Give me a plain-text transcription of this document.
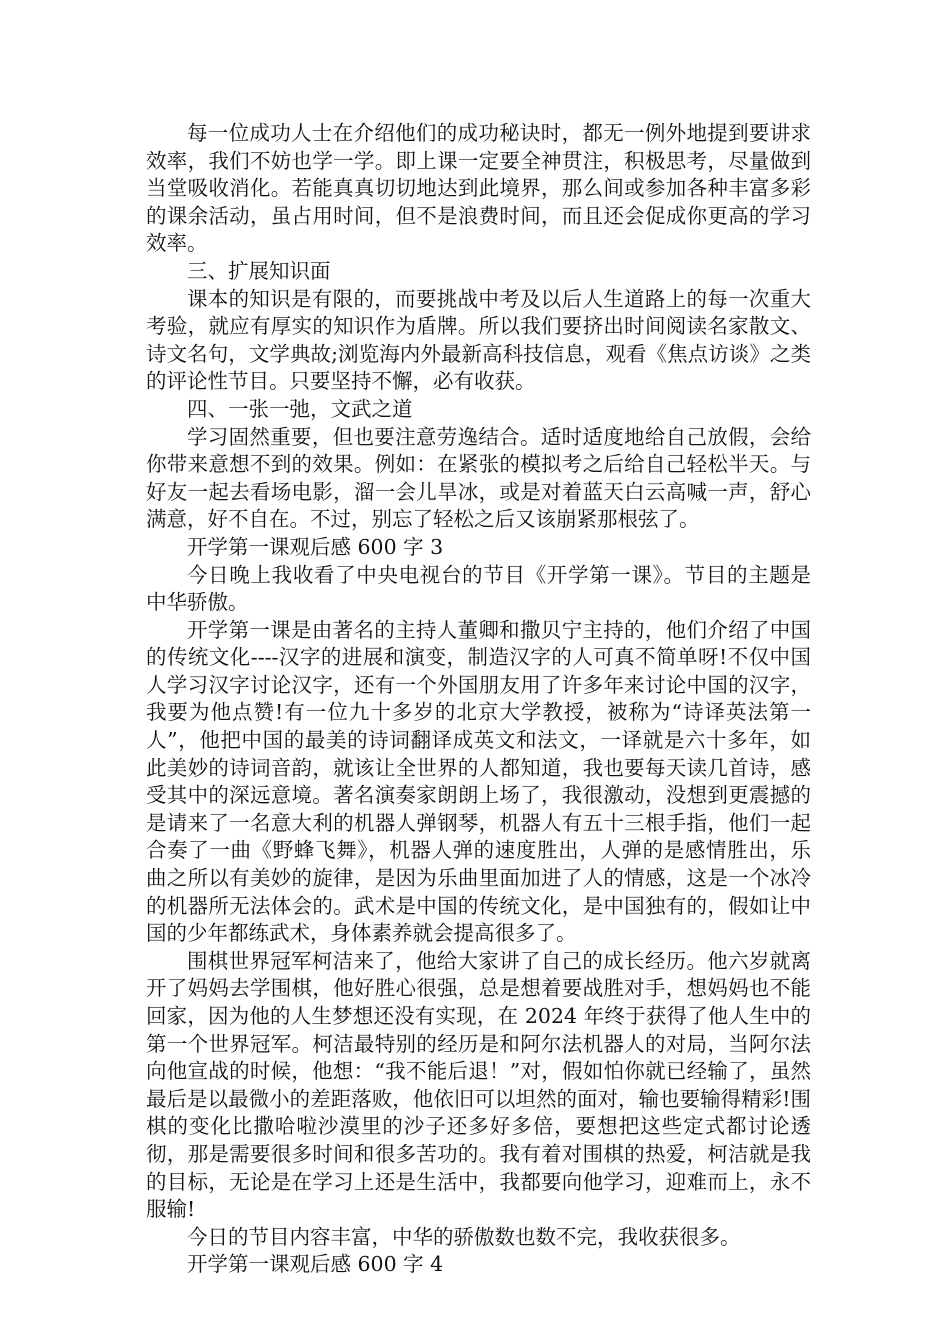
每一位成功人士在介绍他们的成功秘诀时，都无一例外地提到要讲求效率，我们不妨也学一学。即上课一定要全神贯注，积极思考，尽量做到当堂吸收消化。若能真真切切地达到此境界，那么间或参加各种丰富多彩的课余活动，虽占用时间，但不是浪费时间，而且还会促成你更高的学习效率。

三、扩展知识面

课本的知识是有限的，而要挑战中考及以后人生道路上的每一次重大考验，就应有厚实的知识作为盾牌。所以我们要挤出时间阅读名家散文、诗文名句，文学典故;浏览海内外最新高科技信息，观看《焦点访谈》之类的评论性节目。只要坚持不懈，必有收获。

四、一张一弛，文武之道

学习固然重要，但也要注意劳逸结合。适时适度地给自己放假，会给你带来意想不到的效果。例如：在紧张的模拟考之后给自己轻松半天。与好友一起去看场电影，溜一会儿旱冰，或是对着蓝天白云高喊一声，舒心满意，好不自在。不过，别忘了轻松之后又该崩紧那根弦了。

开学第一课观后感 600 字 3

今日晚上我收看了中央电视台的节目《开学第一课》。节目的主题是中华骄傲。

开学第一课是由著名的主持人董卿和撒贝宁主持的，他们介绍了中国的传统文化----汉字的进展和演变，制造汉字的人可真不简单呀!不仅中国人学习汉字讨论汉字，还有一个外国朋友用了许多年来讨论中国的汉字，我要为他点赞!有一位九十多岁的北京大学教授，被称为“诗译英法第一人”，他把中国的最美的诗词翻译成英文和法文，一译就是六十多年，如此美妙的诗词音韵，就该让全世界的人都知道，我也要每天读几首诗，感受其中的深远意境。著名演奏家朗朗上场了，我很激动，没想到更震撼的是请来了一名意大利的机器人弹钢琴，机器人有五十三根手指，他们一起合奏了一曲《野蜂飞舞》，机器人弹的速度胜出，人弹的是感情胜出，乐曲之所以有美妙的旋律，是因为乐曲里面加进了人的情感，这是一个冰冷的机器所无法体会的。武术是中国的传统文化，是中国独有的，假如让中国的少年都练武术，身体素养就会提高很多了。

围棋世界冠军柯洁来了，他给大家讲了自己的成长经历。他六岁就离开了妈妈去学围棋，他好胜心很强，总是想着要战胜对手，想妈妈也不能回家，因为他的人生梦想还没有实现，在 2024 年终于获得了他人生中的第一个世界冠军。柯洁最特别的经历是和阿尔法机器人的对局，当阿尔法向他宣战的时候，他想：“我不能后退！”对，假如怕你就已经输了，虽然最后是以最微小的差距落败，他依旧可以坦然的面对，输也要输得精彩!围棋的变化比撒哈啦沙漠里的沙子还多好多倍，要想把这些定式都讨论透彻，那是需要很多时间和很多苦功的。我有着对围棋的热爱，柯洁就是我的目标，无论是在学习上还是生活中，我都要向他学习，迎难而上，永不服输!

今日的节目内容丰富，中华的骄傲数也数不完，我收获很多。

开学第一课观后感 600 字 4
